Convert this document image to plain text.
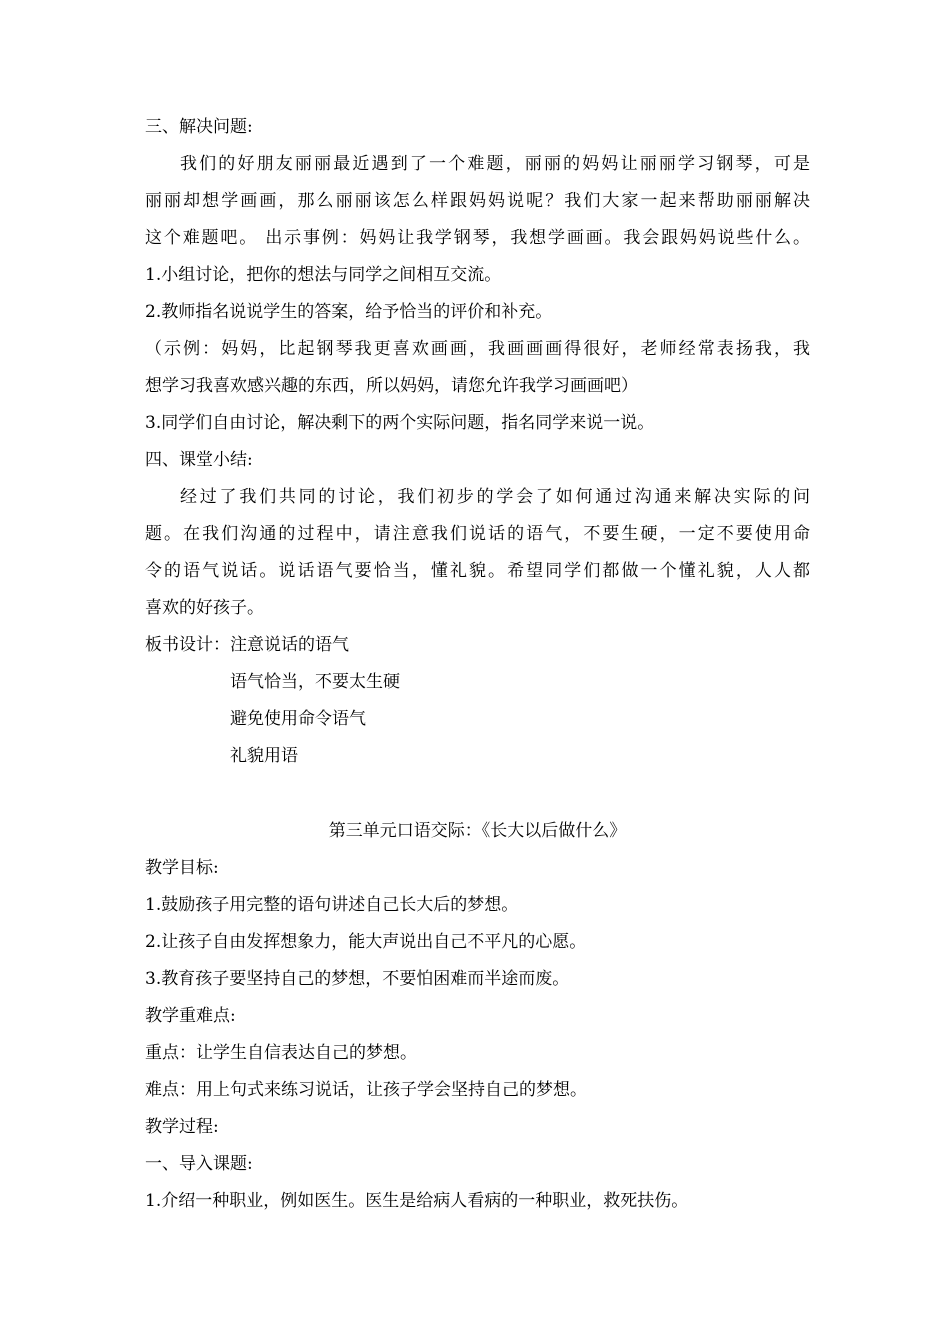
三、解决问题:
我们的好朋友丽丽最近遇到了一个难题，丽丽的妈妈让丽丽学习钢琴，可是
丽丽却想学画画，那么丽丽该怎么样跟妈妈说呢？我们大家一起来帮助丽丽解决
这个难题吧。 出示事例：妈妈让我学钢琴，我想学画画。我会跟妈妈说些什么。
1.小组讨论，把你的想法与同学之间相互交流。
2.教师指名说说学生的答案，给予恰当的评价和补充。
（示例：妈妈，比起钢琴我更喜欢画画，我画画画得很好，老师经常表扬我，我
想学习我喜欢感兴趣的东西，所以妈妈，请您允许我学习画画吧）
3.同学们自由讨论，解决剩下的两个实际问题，指名同学来说一说。
四、课堂小结:
经过了我们共同的讨论，我们初步的学会了如何通过沟通来解决实际的问
题。在我们沟通的过程中，请注意我们说话的语气，不要生硬，一定不要使用命
令的语气说话。说话语气要恰当，懂礼貌。希望同学们都做一个懂礼貌，人人都
喜欢的好孩子。
板书设计：注意说话的语气
语气恰当，不要太生硬
避免使用命令语气
礼貌用语
第三单元口语交际：《长大以后做什么》
教学目标:
1.鼓励孩子用完整的语句讲述自己长大后的梦想。
2.让孩子自由发挥想象力，能大声说出自己不平凡的心愿。
3.教育孩子要坚持自己的梦想，不要怕困难而半途而废。
教学重难点:
重点：让学生自信表达自己的梦想。
难点：用上句式来练习说话，让孩子学会坚持自己的梦想。
教学过程:
一、导入课题:
1.介绍一种职业，例如医生。医生是给病人看病的一种职业，救死扶伤。
